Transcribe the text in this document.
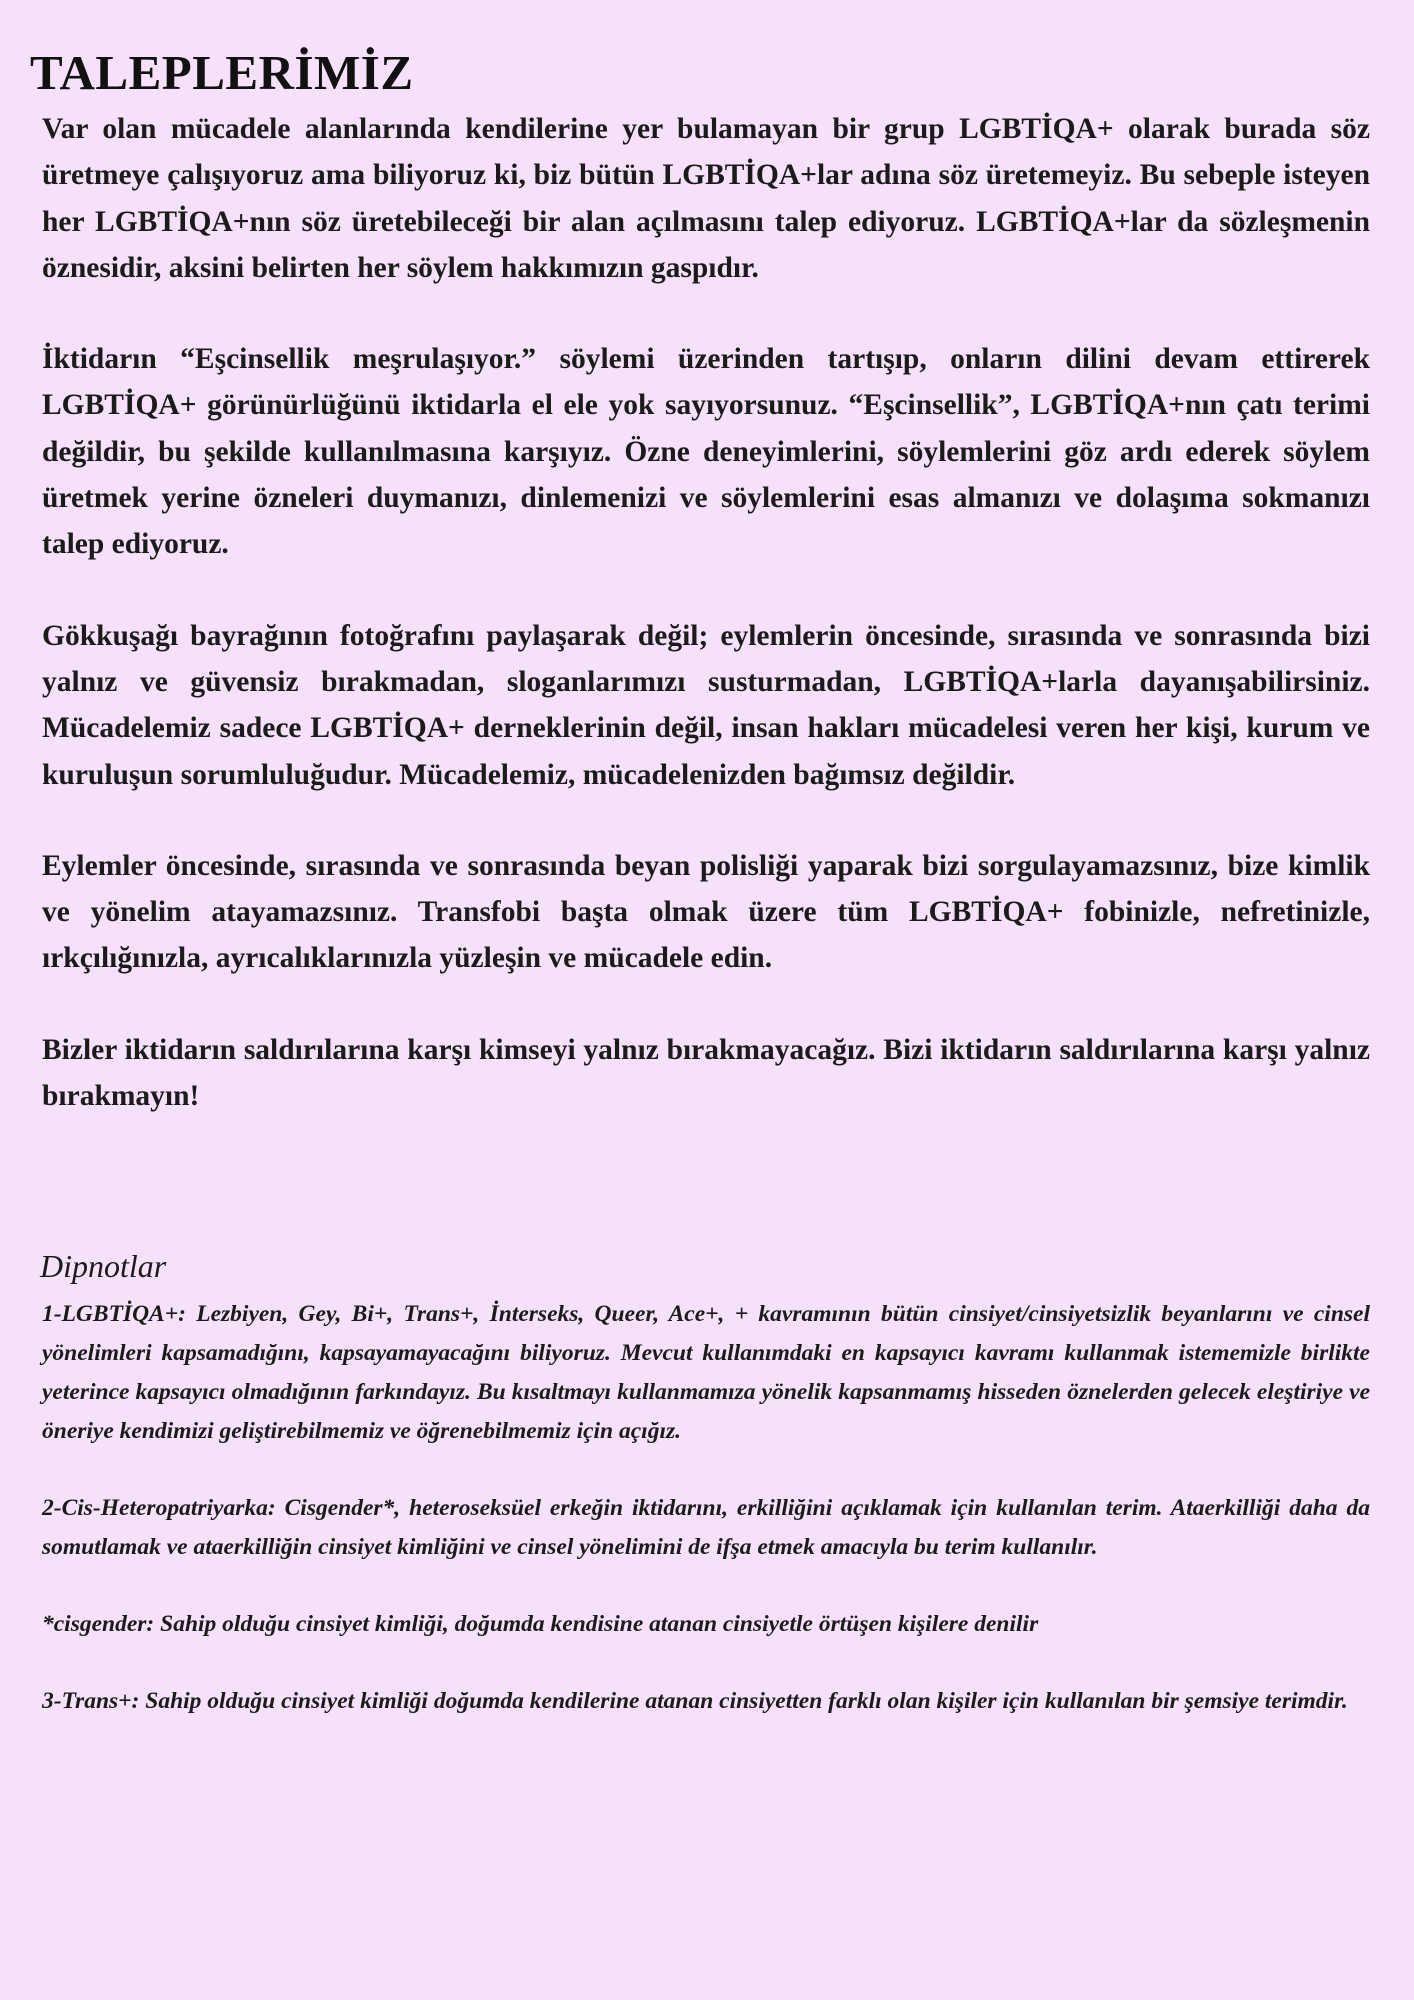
TALEPLERİMİZ

Var olan mücadele alanlarında kendilerine yer bulamayan bir grup LGBTİQA+ olarak burada söz üretmeye çalışıyoruz ama biliyoruz ki, biz bütün LGBTİQA+lar adına söz üretemeyiz. Bu sebeple isteyen her LGBTİQA+nın söz üretebileceği bir alan açılmasını talep ediyoruz. LGBTİQA+lar da sözleşmenin öznesidir, aksini belirten her söylem hakkımızın gaspıdır.

İktidarın “Eşcinsellik meşrulaşıyor.” söylemi üzerinden tartışıp, onların dilini devam ettirerek LGBTİQA+ görünürlüğünü iktidarla el ele yok sayıyorsunuz. “Eşcinsellik”, LGBTİQA+nın çatı terimi değildir, bu şekilde kullanılmasına karşıyız. Özne deneyimlerini, söylemlerini göz ardı ederek söylem üretmek yerine özneleri duymanızı, dinlemenizi ve söylemlerini esas almanızı ve dolaşıma sokmanızı talep ediyoruz.

Gökkuşağı bayrağının fotoğrafını paylaşarak değil; eylemlerin öncesinde, sırasında ve sonrasında bizi yalnız ve güvensiz bırakmadan, sloganlarımızı susturmadan, LGBTİQA+larla dayanışabilirsiniz. Mücadelemiz sadece LGBTİQA+ derneklerinin değil, insan hakları mücadelesi veren her kişi, kurum ve kuruluşun sorumluluğudur. Mücadelemiz, mücadelenizden bağımsız değildir.

Eylemler öncesinde, sırasında ve sonrasında beyan polisliği yaparak bizi sorgulayamazsınız, bize kimlik ve yönelim atayamazsınız. Transfobi başta olmak üzere tüm LGBTİQA+ fobinizle, nefretinizle, ırkçılığınızla, ayrıcalıklarınızla yüzleşin ve mücadele edin.

Bizler iktidarın saldırılarına karşı kimseyi yalnız bırakmayacağız. Bizi iktidarın saldırılarına karşı yalnız bırakmayın!

Dipnotlar

1-LGBTİQA+: Lezbiyen, Gey, Bi+, Trans+, İnterseks, Queer, Ace+, + kavramının bütün cinsiyet/cinsiyetsizlik beyanlarını ve cinsel yönelimleri kapsamadığını, kapsayamayacağını biliyoruz. Mevcut kullanımdaki en kapsayıcı kavramı kullanmak istememizle birlikte yeterince kapsayıcı olmadığının farkındayız. Bu kısaltmayı kullanmamıza yönelik kapsanmamış hisseden öznelerden gelecek eleştiriye ve öneriye kendimizi geliştirebilmemiz ve öğrenebilmemiz için açığız.

2-Cis-Heteropatriyarka: Cisgender*, heteroseksüel erkeğin iktidarını, erkilliğini açıklamak için kullanılan terim. Ataerkilliği daha da somutlamak ve ataerkilliğin cinsiyet kimliğini ve cinsel yönelimini de ifşa etmek amacıyla bu terim kullanılır.

*cisgender: Sahip olduğu cinsiyet kimliği, doğumda kendisine atanan cinsiyetle örtüşen kişilere denilir

3-Trans+: Sahip olduğu cinsiyet kimliği doğumda kendilerine atanan cinsiyetten farklı olan kişiler için kullanılan bir şemsiye terimdir.
